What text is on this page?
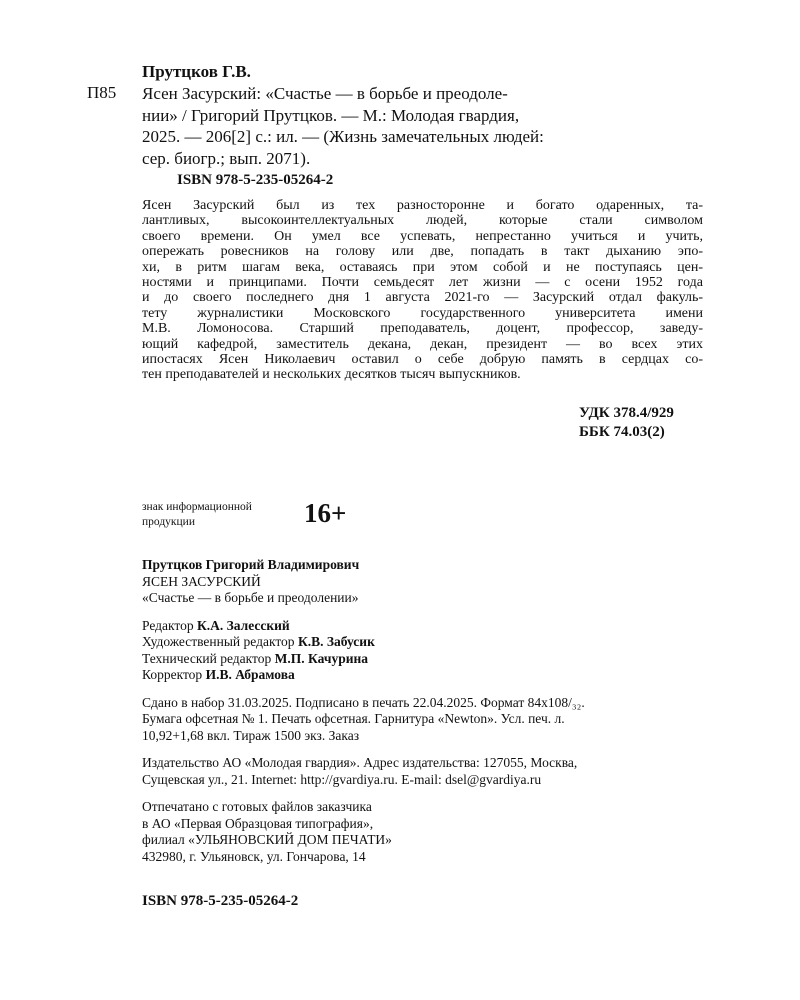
Прутцков Г.В.
П85 Ясен Засурский: «Счастье — в борьбе и преодоле-
нии» / Григорий Прутцков. — М.: Молодая гвардия,
2025. — 206[2] с.: ил. — (Жизнь замечательных людей:
сер. биогр.; вып. 2071).
ISBN 978-5-235-05264-2
Ясен Засурский был из тех разносторонне и богато одаренных, та-
лантливых, высокоинтеллектуальных людей, которые стали символом
своего времени. Он умел все успевать, непрестанно учиться и учить,
опережать ровесников на голову или две, попадать в такт дыханию эпо-
хи, в ритм шагам века, оставаясь при этом собой и не поступаясь цен-
ностями и принципами. Почти семьдесят лет жизни — с осени 1952 года
и до своего последнего дня 1 августа 2021-го — Засурский отдал факуль-
тету журналистики Московского государственного университета имени
М.В. Ломоносова. Старший преподаватель, доцент, профессор, заведу-
ющий кафедрой, заместитель декана, декан, президент — во всех этих
ипостасях Ясен Николаевич оставил о себе добрую память в сердцах со-
тен преподавателей и нескольких десятков тысяч выпускников.
УДК 378.4/929
ББК 74.03(2)
знак информационной
продукции	16+
Прутцков Григорий Владимирович
ЯСЕН ЗАСУРСКИЙ
«Счастье — в борьбе и преодолении»
Редактор К.А. Залесский
Художественный редактор К.В. Забусик
Технический редактор М.П. Качурина
Корректор И.В. Абрамова
Сдано в набор 31.03.2025. Подписано в печать 22.04.2025. Формат 84x108/₃₂.
Бумага офсетная № 1. Печать офсетная. Гарнитура «Newton». Усл. печ. л.
10,92+1,68 вкл. Тираж 1500 экз. Заказ
Издательство АО «Молодая гвардия». Адрес издательства: 127055, Москва,
Сущевская ул., 21. Internet: http://gvardiya.ru. E-mail: dsel@gvardiya.ru
Отпечатано с готовых файлов заказчика
в АО «Первая Образцовая типография»,
филиал «УЛЬЯНОВСКИЙ ДОМ ПЕЧАТИ»
432980, г. Ульяновск, ул. Гончарова, 14
ISBN 978-5-235-05264-2
